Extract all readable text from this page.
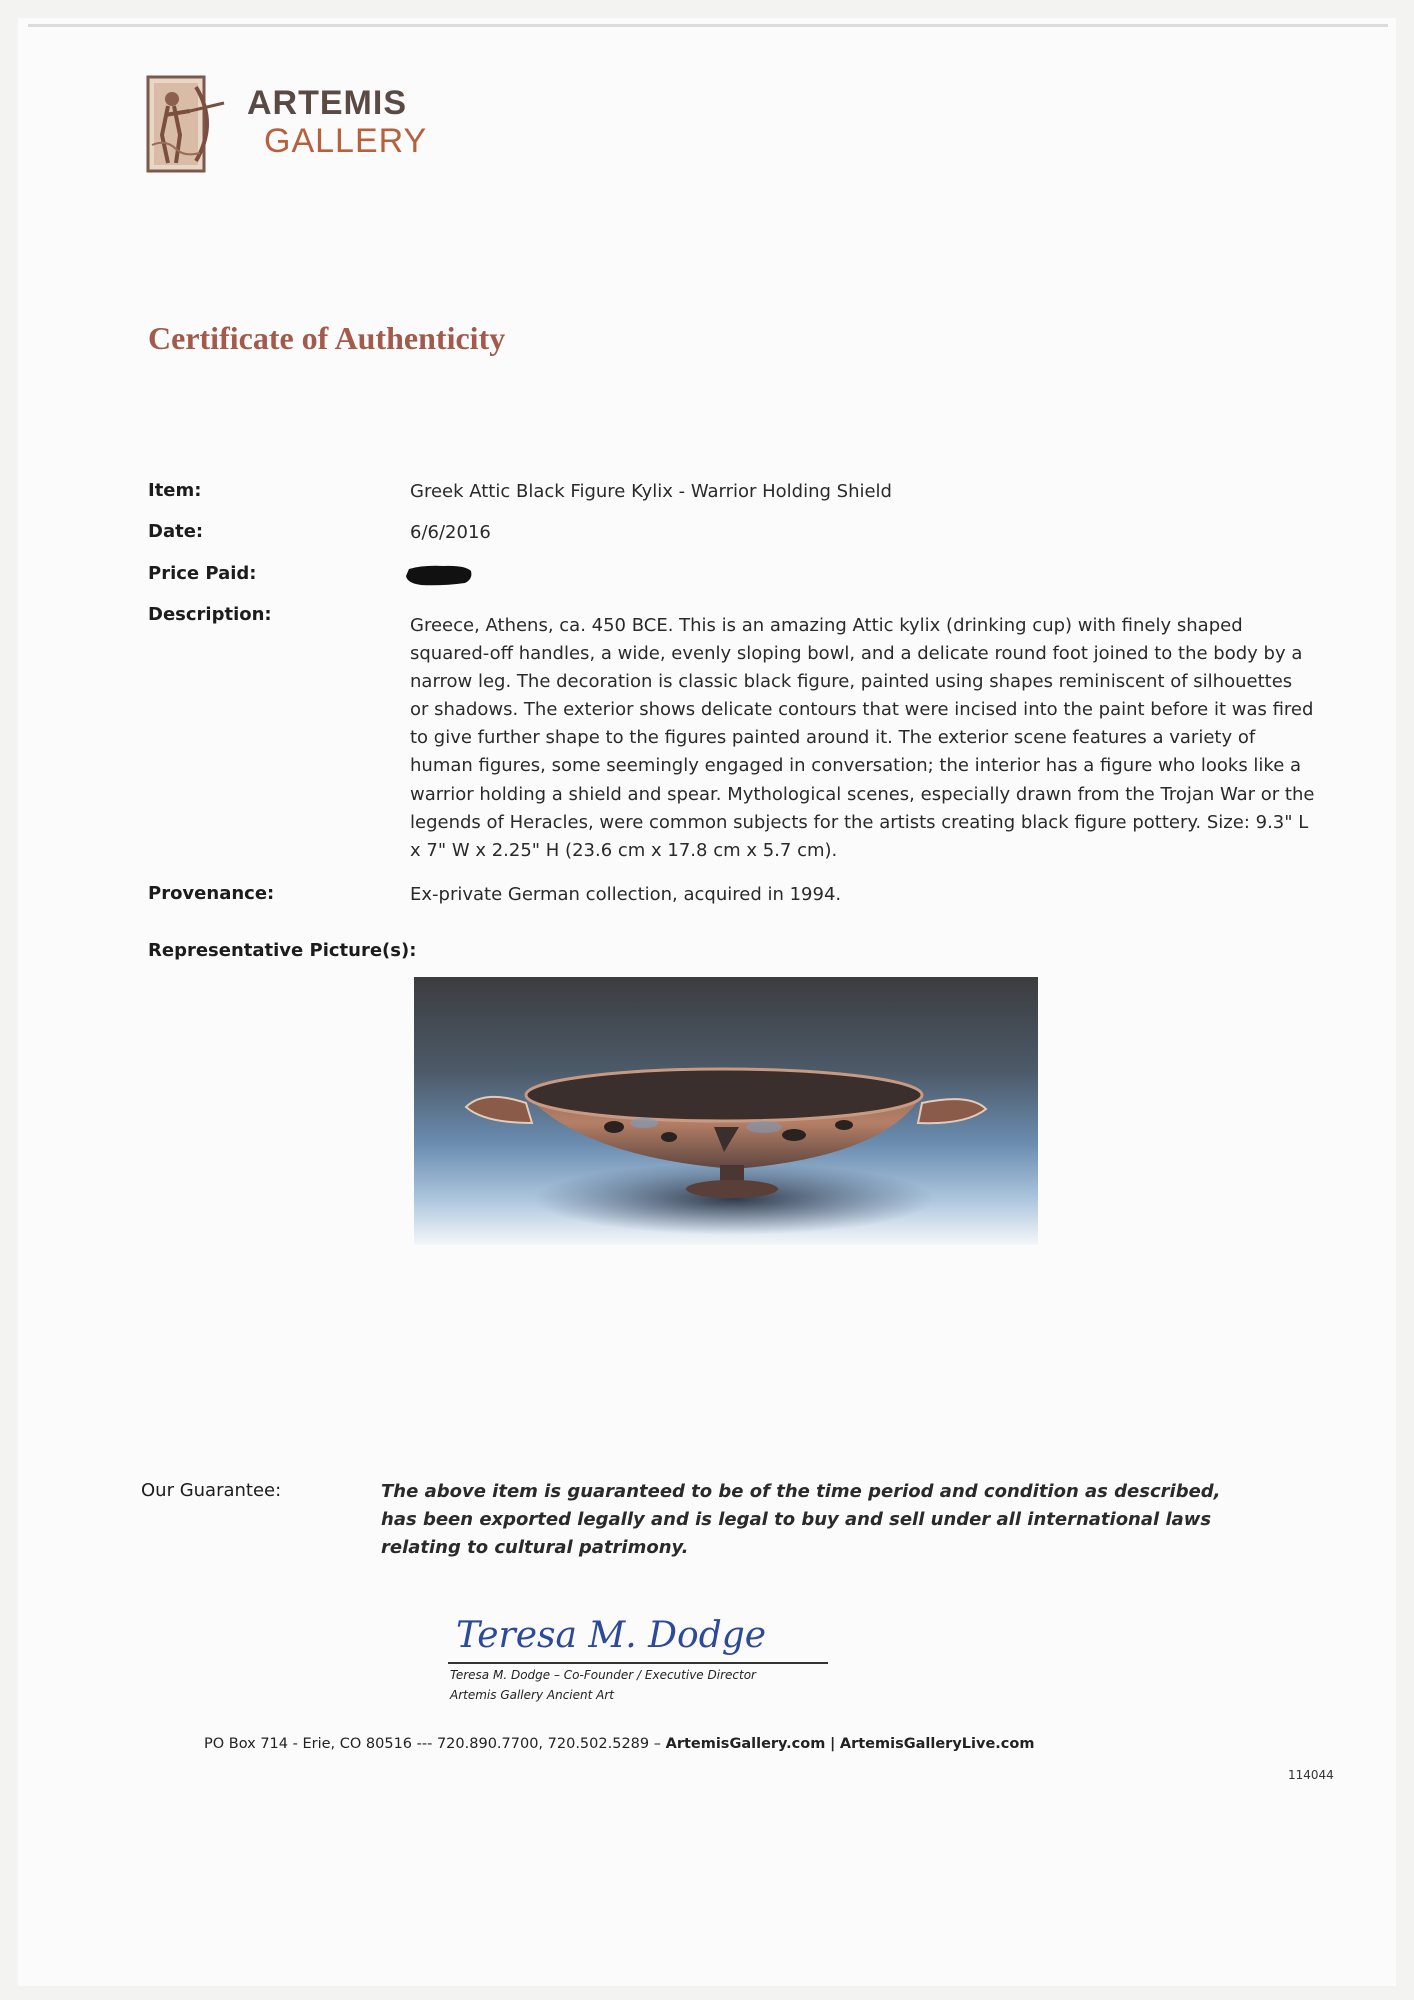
ARTEMIS
GALLERY
Certificate of Authenticity
Item:	Greek Attic Black Figure Kylix - Warrior Holding Shield
Date:	6/6/2016
Price Paid:
Description:
Greece, Athens, ca. 450 BCE. This is an amazing Attic kylix (drinking cup) with finely shaped squared-off handles, a wide, evenly sloping bowl, and a delicate round foot joined to the body by a narrow leg. The decoration is classic black figure, painted using shapes reminiscent of silhouettes or shadows. The exterior shows delicate contours that were incised into the paint before it was fired to give further shape to the figures painted around it. The exterior scene features a variety of human figures, some seemingly engaged in conversation; the interior has a figure who looks like a warrior holding a shield and spear. Mythological scenes, especially drawn from the Trojan War or the legends of Heracles, were common subjects for the artists creating black figure pottery. Size: 9.3" L x 7" W x 2.25" H (23.6 cm x 17.8 cm x 5.7 cm).
Provenance:	Ex-private German collection, acquired in 1994.
Representative Picture(s):
Our Guarantee:	The above item is guaranteed to be of the time period and condition as described, has been exported legally and is legal to buy and sell under all international laws relating to cultural patrimony.
Teresa M. Dodge
Teresa M. Dodge – Co-Founder / Executive Director
Artemis Gallery Ancient Art
PO Box 714 - Erie, CO 80516 --- 720.890.7700, 720.502.5289 – ArtemisGallery.com | ArtemisGalleryLive.com
114044
